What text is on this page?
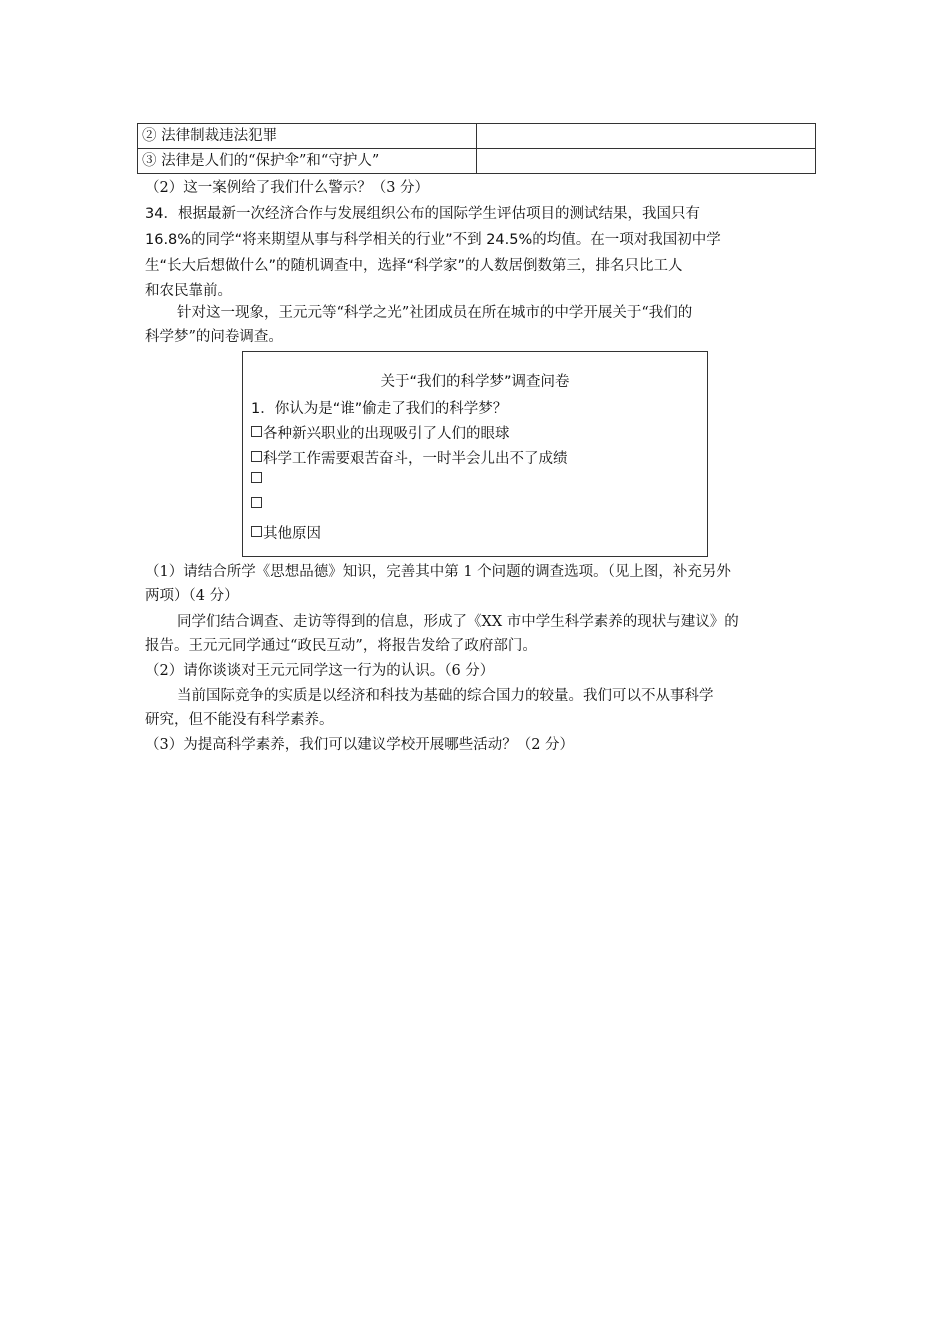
② 法律制裁违法犯罪	
③ 法律是人们的“保护伞”和“守护人”	
（2）这一案例给了我们什么警示？（3 分）
34．根据最新一次经济合作与发展组织公布的国际学生评估项目的测试结果，我国只有
16.8%的同学“将来期望从事与科学相关的行业”不到 24.5%的均值。在一项对我国初中学
生“长大后想做什么”的随机调查中，选择“科学家”的人数居倒数第三，排名只比工人
和农民靠前。
针对这一现象，王元元等“科学之光”社团成员在所在城市的中学开展关于“我们的
科学梦”的问卷调查。
关于“我们的科学梦”调查问卷
1．你认为是“谁”偷走了我们的科学梦？
各种新兴职业的出现吸引了人们的眼球
科学工作需要艰苦奋斗，一时半会儿出不了成绩
其他原因
（1）请结合所学《思想品德》知识，完善其中第 1 个问题的调查选项。（见上图，补充另外
两项）（4 分）
同学们结合调查、走访等得到的信息，形成了《XX 市中学生科学素养的现状与建议》的
报告。王元元同学通过“政民互动”，将报告发给了政府部门。
（2）请你谈谈对王元元同学这一行为的认识。（6 分）
当前国际竞争的实质是以经济和科技为基础的综合国力的较量。我们可以不从事科学
研究，但不能没有科学素养。
（3）为提高科学素养，我们可以建议学校开展哪些活动？（2 分）
